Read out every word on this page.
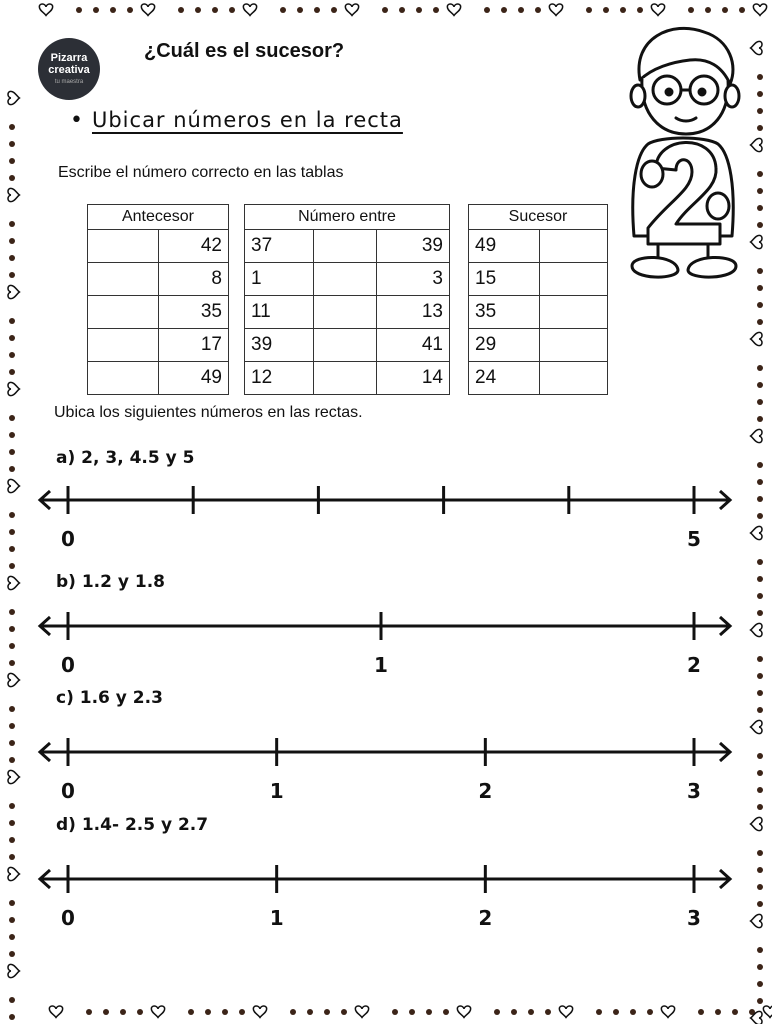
Pizarra
creativa
tu maestra
¿Cuál es el sucesor?
• Ubicar números en la recta
Escribe el número correcto en las tablas
Antecesor	
	42
	8
	35
	17
	49
Número entre		
37		39
1		3
11		13
39		41
12		14
Sucesor	
49	
15	
35	
29	
24	
Ubica los siguientes números en las rectas.
a) 2, 3, 4.5 y 5
b) 1.2 y 1.8
c) 1.6 y 2.3
d) 1.4- 2.5 y 2.7
0	5
0	1	2
0	1	2	3
0	1	2	3
